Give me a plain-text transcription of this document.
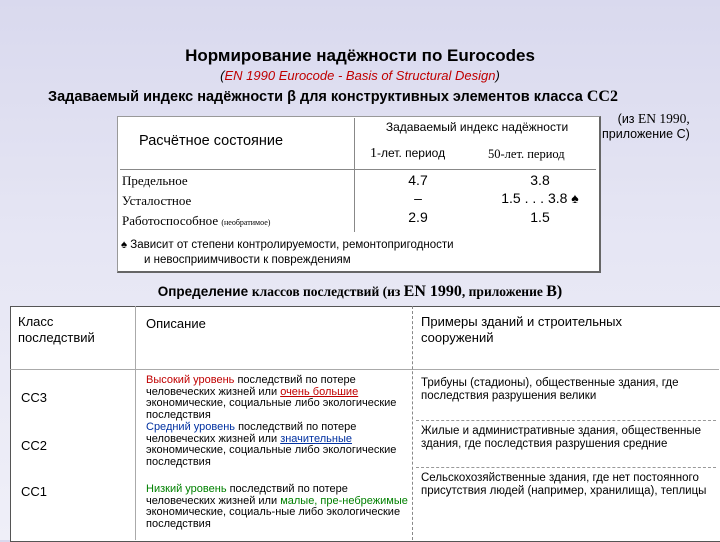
Нормирование надёжности по Eurocodes
(EN 1990 Eurocode - Basis of Structural Design)
Задаваемый индекс надёжности β для конструктивных элементов класса CC2
(из EN 1990,
приложение С)
Расчётное состояние
Задаваемый индекс надёжности
1-лет. период	50-лет. период
Предельное
Усталостное
Работоспособное (необратимое)
4.7
–
2.9
3.8
1.5 . . . 3.8 ♠
1.5
♠ Зависит от степени контролируемости, ремонтопригодности
и невосприимчивости к повреждениям
Определение классов последствий (из EN 1990, приложение B)
Класс
последствий
Описание	Примеры зданий и строительных
сооружений
CC3
CC2
CC1
Высокий уровень последствий по потере человеческих жизней или очень большие экономические, социальные либо экологические последствия
Средний уровень последствий по потере человеческих жизней или значительные экономические, социальные либо экологические последствия
Низкий уровень последствий по потере человеческих жизней или малые, пре-небрежимые экономические, социаль-ные либо экологические последствия
Трибуны (стадионы), общественные здания, где последствия разрушения велики
Жилые и административные здания, общественные здания, где последствия разрушения средние
Сельскохозяйственные здания, где нет постоянного присутствия людей (например, хранилища), теплицы
